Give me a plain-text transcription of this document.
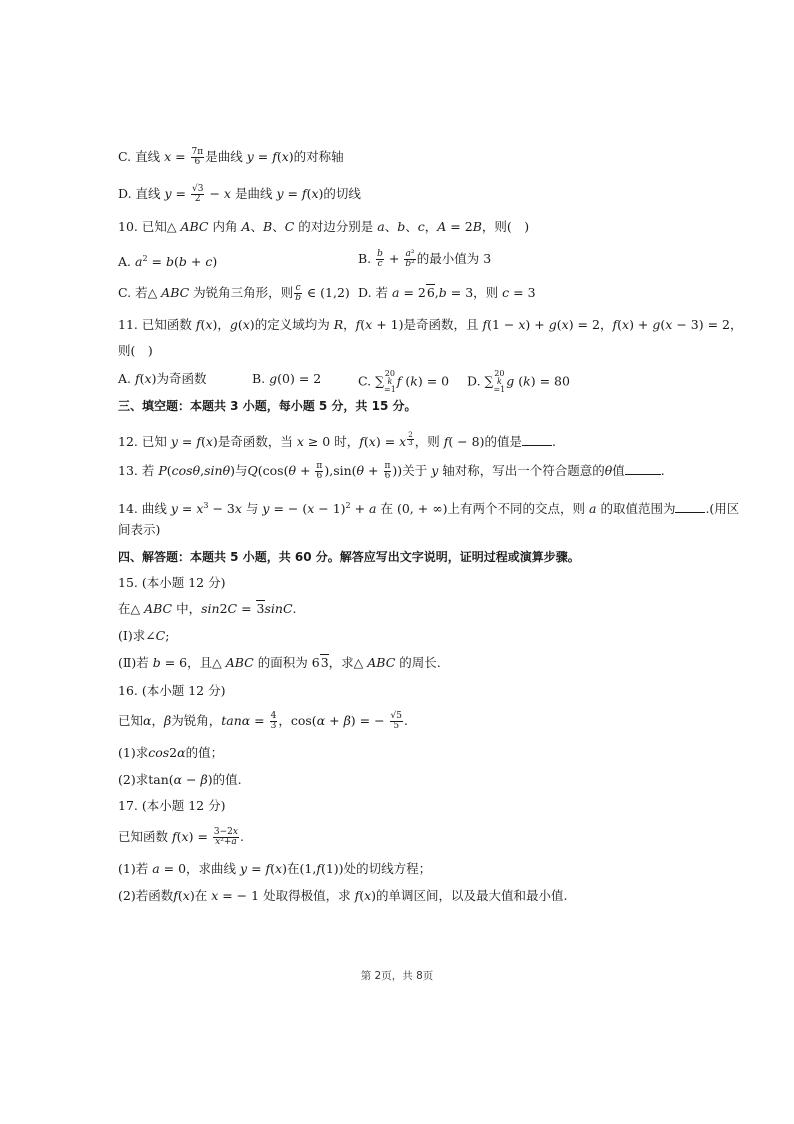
C. 直线 $x = \frac{7\pi}{6}$ 是曲线 y = f(x)的对称轴
D. 直线 $y = \frac{√3}{2} - x$ 是曲线 y = f(x)的切线
10. 已知△ ABC 内角 A、B、C 的对边分别是 a、b、c，A = 2B，则(　)
A. $a^2 = b(b + c)$	B. $\frac{b}{c} + \frac{\text{a²}}{\text{b²}}$ 的最小值为 3
C. 若△ ABC 为锐角三角形，则 $\frac{c}{b}$ ∈ (1,2) D. 若 a = 26,b = 3，则 c = 3
11. 已知函数 f(x)，g(x)的定义域均为 R，f(x + 1)是奇函数，且 f(1 − x) + g(x) = 2，f(x) + g(x − 3) = 2，
则(　)
A. f(x)为奇函数	B. g(0) = 2	C. ∑ 20
k
=1
f (k) = 0 D. ∑ 20
k
=1
g (k) = 80
三、填空题：本题共 3 小题，每小题 5 分，共 15 分。
12. 已知 y = f(x)是奇函数，当 x ≥ 0 时，f(x) = x $^{\frac{2}{3}}$ ，则 f( − 8)的值是 .
13. 若 P(cosθ,sinθ)与$Q(\cos(\theta + \frac{\pi}{6} ),\sin(\theta + \frac{\pi}{6}$ ))关于 y 轴对称，写出一个符合题意的θ值	.
14. 曲线 $y = x^3 - 3x$ 与 y = − $(x - 1)^2 + a$ 在 (0, + ∞)上有两个不同的交点，则 a 的取值范围为 .(用区
间表示)
四、解答题：本题共 5 小题，共 60 分。解答应写出文字说明，证明过程或演算步骤。
15. (本小题 12 分)
在△ ABC 中，sin2C = 3sinC.
(Ⅰ)求∠C;
(Ⅱ)若 b = 6，且△ ABC 的面积为 63，求△ ABC 的周长.
16. (本小题 12 分)
已知α，β为锐角，$\tan\alpha = \frac{4}{3}$ ，cos(α + β) = − $\frac{√5}{5}$ .
(1)求cos2α的值；
(2)求tan(α − β)的值.
17. (本小题 12 分)
已知函数 $f(x) = \frac{3-2x}{\text{x²+a}}$ .
(1)若 a = 0，求曲线 y = f(x)在(1,f(1))处的切线方程；
(2)若函数f(x)在 x = − 1 处取得极值，求 f(x)的单调区间，以及最大值和最小值.
第 2页，共 8页
